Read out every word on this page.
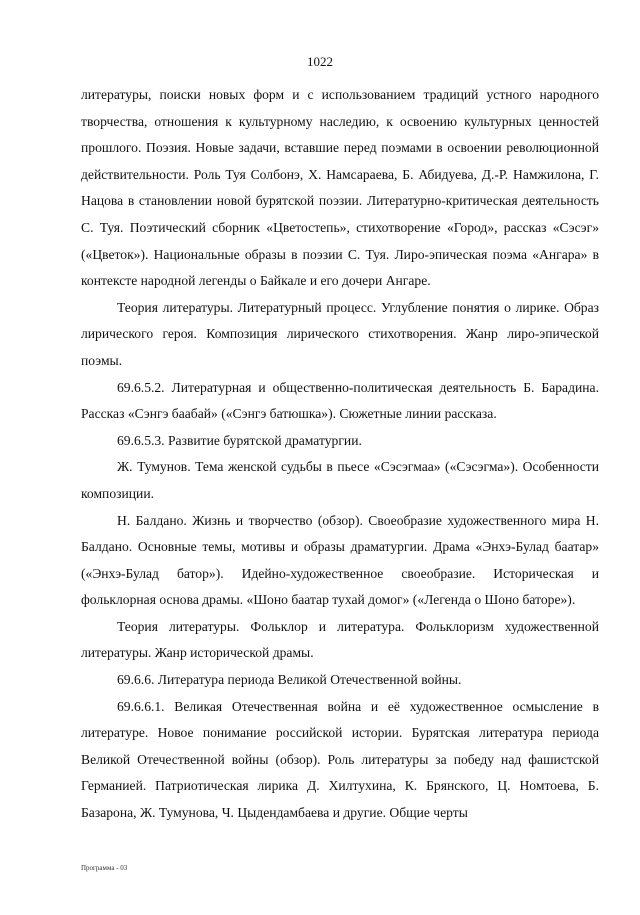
1022

литературы, поиски новых форм и с использованием традиций устного народного творчества, отношения к культурному наследию, к освоению культурных ценностей прошлого. Поэзия. Новые задачи, вставшие перед поэмами в освоении революционной действительности. Роль Туя Солбонэ, Х. Намсараева, Б. Абидуева, Д.-Р. Намжилона, Г. Нацова в становлении новой бурятской поэзии. Литературно-критическая деятельность С. Туя. Поэтический сборник «Цветостепь», стихотворение «Город», рассказ «Сэсэг» («Цветок»). Национальные образы в поэзии С. Туя. Лиро-эпическая поэма «Ангара» в контексте народной легенды о Байкале и его дочери Ангаре.

Теория литературы. Литературный процесс. Углубление понятия о лирике. Образ лирического героя. Композиция лирического стихотворения. Жанр лиро-эпической поэмы.

69.6.5.2. Литературная и общественно-политическая деятельность Б. Барадина. Рассказ «Сэнгэ баабай» («Сэнгэ батюшка»). Сюжетные линии рассказа.

69.6.5.3. Развитие бурятской драматургии.

Ж. Тумунов. Тема женской судьбы в пьесе «Сэсэгмаа» («Сэсэгма»). Особенности композиции.

Н. Балдано. Жизнь и творчество (обзор). Своеобразие художественного мира Н. Балдано. Основные темы, мотивы и образы драматургии. Драма «Энхэ-Булад баатар» («Энхэ-Булад батор»). Идейно-художественное своеобразие. Историческая и фольклорная основа драмы. «Шоно баатар тухай домог» («Легенда о Шоно баторе»).

Теория литературы. Фольклор и литература. Фольклоризм художественной литературы. Жанр исторической драмы.

69.6.6. Литература периода Великой Отечественной войны.

69.6.6.1. Великая Отечественная война и её художественное осмысление в литературе. Новое понимание российской истории. Бурятская литература периода Великой Отечественной войны (обзор). Роль литературы за победу над фашистской Германией. Патриотическая лирика Д. Хилтухина, К. Брянского, Ц. Номтоева, Б. Базарона, Ж. Тумунова, Ч. Цыдендамбаева и другие. Общие черты

Программа - 03
